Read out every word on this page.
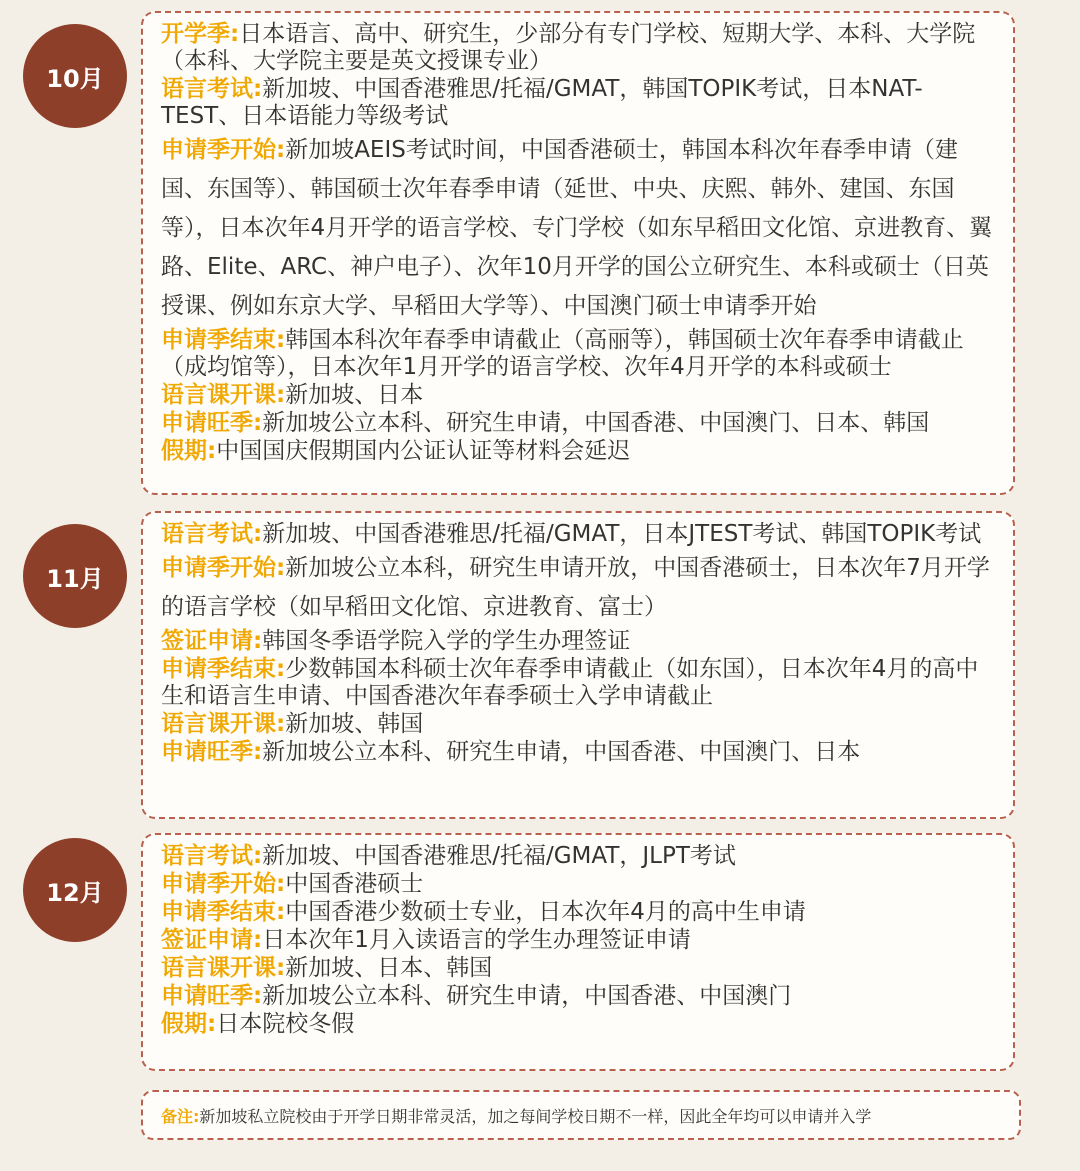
10月
开学季:日本语言、高中、研究生，少部分有专门学校、短期大学、本科、大学院（本科、大学院主要是英文授课专业）
语言考试:新加坡、中国香港雅思/托福/GMAT，韩国TOPIK考试，日本NAT-TEST、日本语能力等级考试
申请季开始:新加坡AEIS考试时间，中国香港硕士，韩国本科次年春季申请（建国、东国等）、韩国硕士次年春季申请（延世、中央、庆熙、韩外、建国、东国等），日本次年4月开学的语言学校、专门学校（如东早稻田文化馆、京进教育、翼路、Elite、ARC、神户电子）、次年10月开学的国公立研究生、本科或硕士（日英授课、例如东京大学、早稻田大学等）、中国澳门硕士申请季开始
申请季结束:韩国本科次年春季申请截止（高丽等），韩国硕士次年春季申请截止（成均馆等），日本次年1月开学的语言学校、次年4月开学的本科或硕士
语言课开课:新加坡、日本
申请旺季:新加坡公立本科、研究生申请，中国香港、中国澳门、日本、韩国
假期:中国国庆假期国内公证认证等材料会延迟
11月
语言考试:新加坡、中国香港雅思/托福/GMAT，日本JTEST考试、韩国TOPIK考试
申请季开始:新加坡公立本科，研究生申请开放，中国香港硕士，日本次年7月开学的语言学校（如早稻田文化馆、京进教育、富士）
签证申请:韩国冬季语学院入学的学生办理签证
申请季结束:少数韩国本科硕士次年春季申请截止（如东国），日本次年4月的高中生和语言生申请、中国香港次年春季硕士入学申请截止
语言课开课:新加坡、韩国
申请旺季:新加坡公立本科、研究生申请，中国香港、中国澳门、日本
12月
语言考试:新加坡、中国香港雅思/托福/GMAT，JLPT考试
申请季开始:中国香港硕士
申请季结束:中国香港少数硕士专业，日本次年4月的高中生申请
签证申请:日本次年1月入读语言的学生办理签证申请
语言课开课:新加坡、日本、韩国
申请旺季:新加坡公立本科、研究生申请，中国香港、中国澳门
假期:日本院校冬假
备注: 新加坡私立院校由于开学日期非常灵活，加之每间学校日期不一样，因此全年均可以申请并入学
